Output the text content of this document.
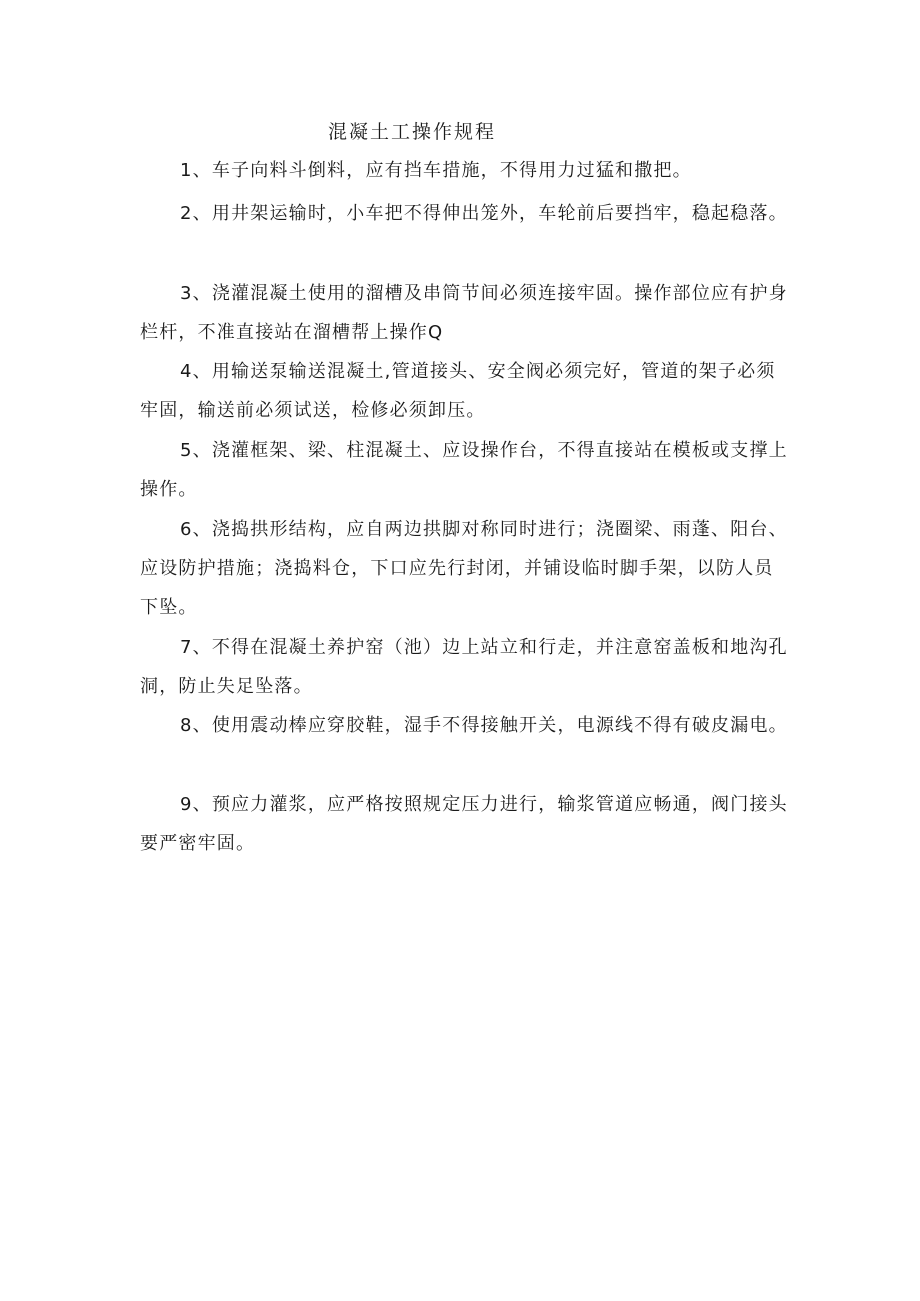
混凝土工操作规程

1、车子向料斗倒料，应有挡车措施，不得用力过猛和撒把。

2、用井架运输时，小车把不得伸出笼外，车轮前后要挡牢，稳起稳落。

3、浇灌混凝土使用的溜槽及串筒节间必须连接牢固。操作部位应有护身栏杆，不准直接站在溜槽帮上操作Q

4、用输送泵输送混凝土,管道接头、安全阀必须完好，管道的架子必须牢固，输送前必须试送，检修必须卸压。

5、浇灌框架、梁、柱混凝土、应设操作台，不得直接站在模板或支撑上操作。

6、浇捣拱形结构，应自两边拱脚对称同时进行；浇圈梁、雨蓬、阳台、应设防护措施；浇捣料仓，下口应先行封闭，并铺设临时脚手架，以防人员下坠。

7、不得在混凝土养护窑（池）边上站立和行走，并注意窑盖板和地沟孔洞，防止失足坠落。

8、使用震动棒应穿胶鞋，湿手不得接触开关，电源线不得有破皮漏电。

9、预应力灌浆，应严格按照规定压力进行，输浆管道应畅通，阀门接头要严密牢固。
